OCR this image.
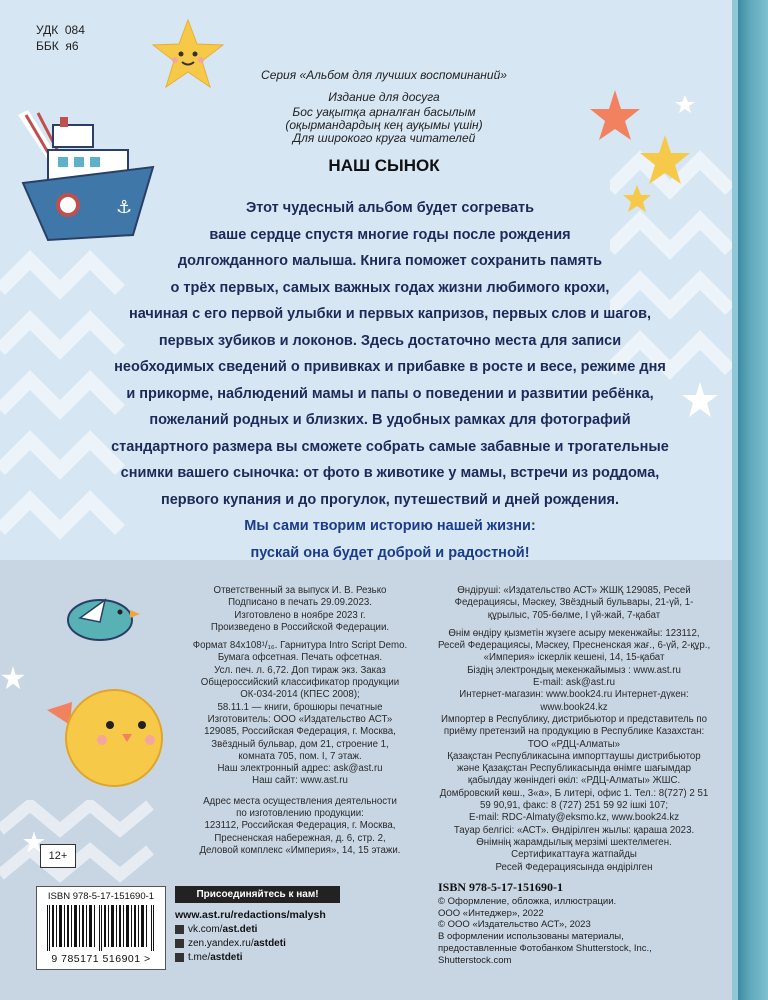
⚓
УДК  084
ББК  я6
Серия «Альбом для лучших воспоминаний»
Издание для досуга
Бос уақытқа арналған басылым
(оқырмандардың кең ауқымы үшін)
Для широкого круга читателей
НАШ СЫНОК
Этот чудесный альбом будет согревать
ваше сердце спустя многие годы после рождения
долгожданного малыша. Книга поможет сохранить память
о трёх первых, самых важных годах жизни любимого крохи,
начиная с его первой улыбки и первых капризов, первых слов и шагов,
первых зубиков и локонов. Здесь достаточно места для записи
необходимых сведений о прививках и прибавке в росте и весе, режиме дня
и прикорме, наблюдений мамы и папы о поведении и развитии ребёнка,
пожеланий родных и близких. В удобных рамках для фотографий
стандартного размера вы сможете собрать самые забавные и трогательные
снимки вашего сыночка: от фото в животике у мамы, встречи из роддома,
первого купания и до прогулок, путешествий и дней рождения.
Мы сами творим историю нашей жизни:
пускай она будет доброй и радостной!
Ответственный за выпуск И. В. Резько
Подписано в печать 29.09.2023.
Изготовлено в ноябре 2023 г.
Произведено в Российской Федерации.
Формат 84х108¹/₁₆. Гарнитура Intro Script Demo.
Бумага офсетная. Печать офсетная.
Усл. печ. л. 6,72. Доп тираж экз. Заказ
Общероссийский классификатор продукции
ОК-034-2014 (КПЕС 2008);
58.11.1 — книги, брошюры печатные
Изготовитель: ООО «Издательство АСТ»
129085, Российская Федерация, г. Москва,
Звёздный бульвар, дом 21, строение 1,
комната 705, пом. I, 7 этаж.
Наш электронный адрес: ask@ast.ru
Наш сайт: www.ast.ru
Адрес места осуществления деятельности
по изготовлению продукции:
123112, Российская Федерация, г. Москва,
Пресненская набережная, д. 6, стр. 2,
Деловой комплекс «Империя», 14, 15 этажи.
Өндіруші: «Издательство АСТ» ЖШҚ 129085, Ресей
Федерациясы, Мәскеу, Звёздный бульвары, 21-үй, 1-
құрылыс, 705-бөлме, I үй-жай, 7-қабат
Өнім өндіру қызметін жүзеге асыру мекенжайы: 123112,
Ресей Федерациясы, Мәскеу, Пресненская жағ., 6-үй, 2-құр.,
«Империя» іскерлік кешені, 14, 15-қабат
Біздің электрондық мекенжайымыз : www.ast.ru
E-mail: ask@ast.ru
Интернет-магазин: www.book24.ru Интернет-дүкен:
www.book24.kz
Импортер в Республику, дистрибьютор и представитель по
приёму претензий на продукцию в Республике Казахстан:
ТОО «РДЦ-Алматы»
Қазақстан Республикасына импорттаушы дистрибьютор
және Қазақстан Республикасында өнімге шағымдар
қабылдау жөніндегі өкіл: «РДЦ-Алматы» ЖШС.
Домбровский көш., 3«а», Б литері, офис 1. Тел.: 8(727) 2 51
59 90,91, факс: 8 (727) 251 59 92 ішкі 107;
E-mail: RDC-Almaty@eksmo.kz, www.book24.kz
Тауар белгісі: «АСТ». Өндірілген жылы: қараша 2023.
Өнімнің жарамдылық мерзімі шектелмеген.
Сертификаттауға жатпайды
Ресей Федерациясында өндірілген
12+
ISBN 978-5-17-151690-1
9 785171 516901 >
Присоединяйтесь к нам!
www.ast.ru/redactions/malysh
vk.com/ ast.deti
zen.yandex.ru/ astdeti
t.me/ astdeti
ISBN 978-5-17-151690-1
© Оформление, обложка, иллюстрации.
ООО «Интеджер», 2022
© ООО «Издательство АСТ», 2023
В оформлении использованы материалы,
предоставленные Фотобанком Shutterstock, Inc.,
Shutterstock.com
